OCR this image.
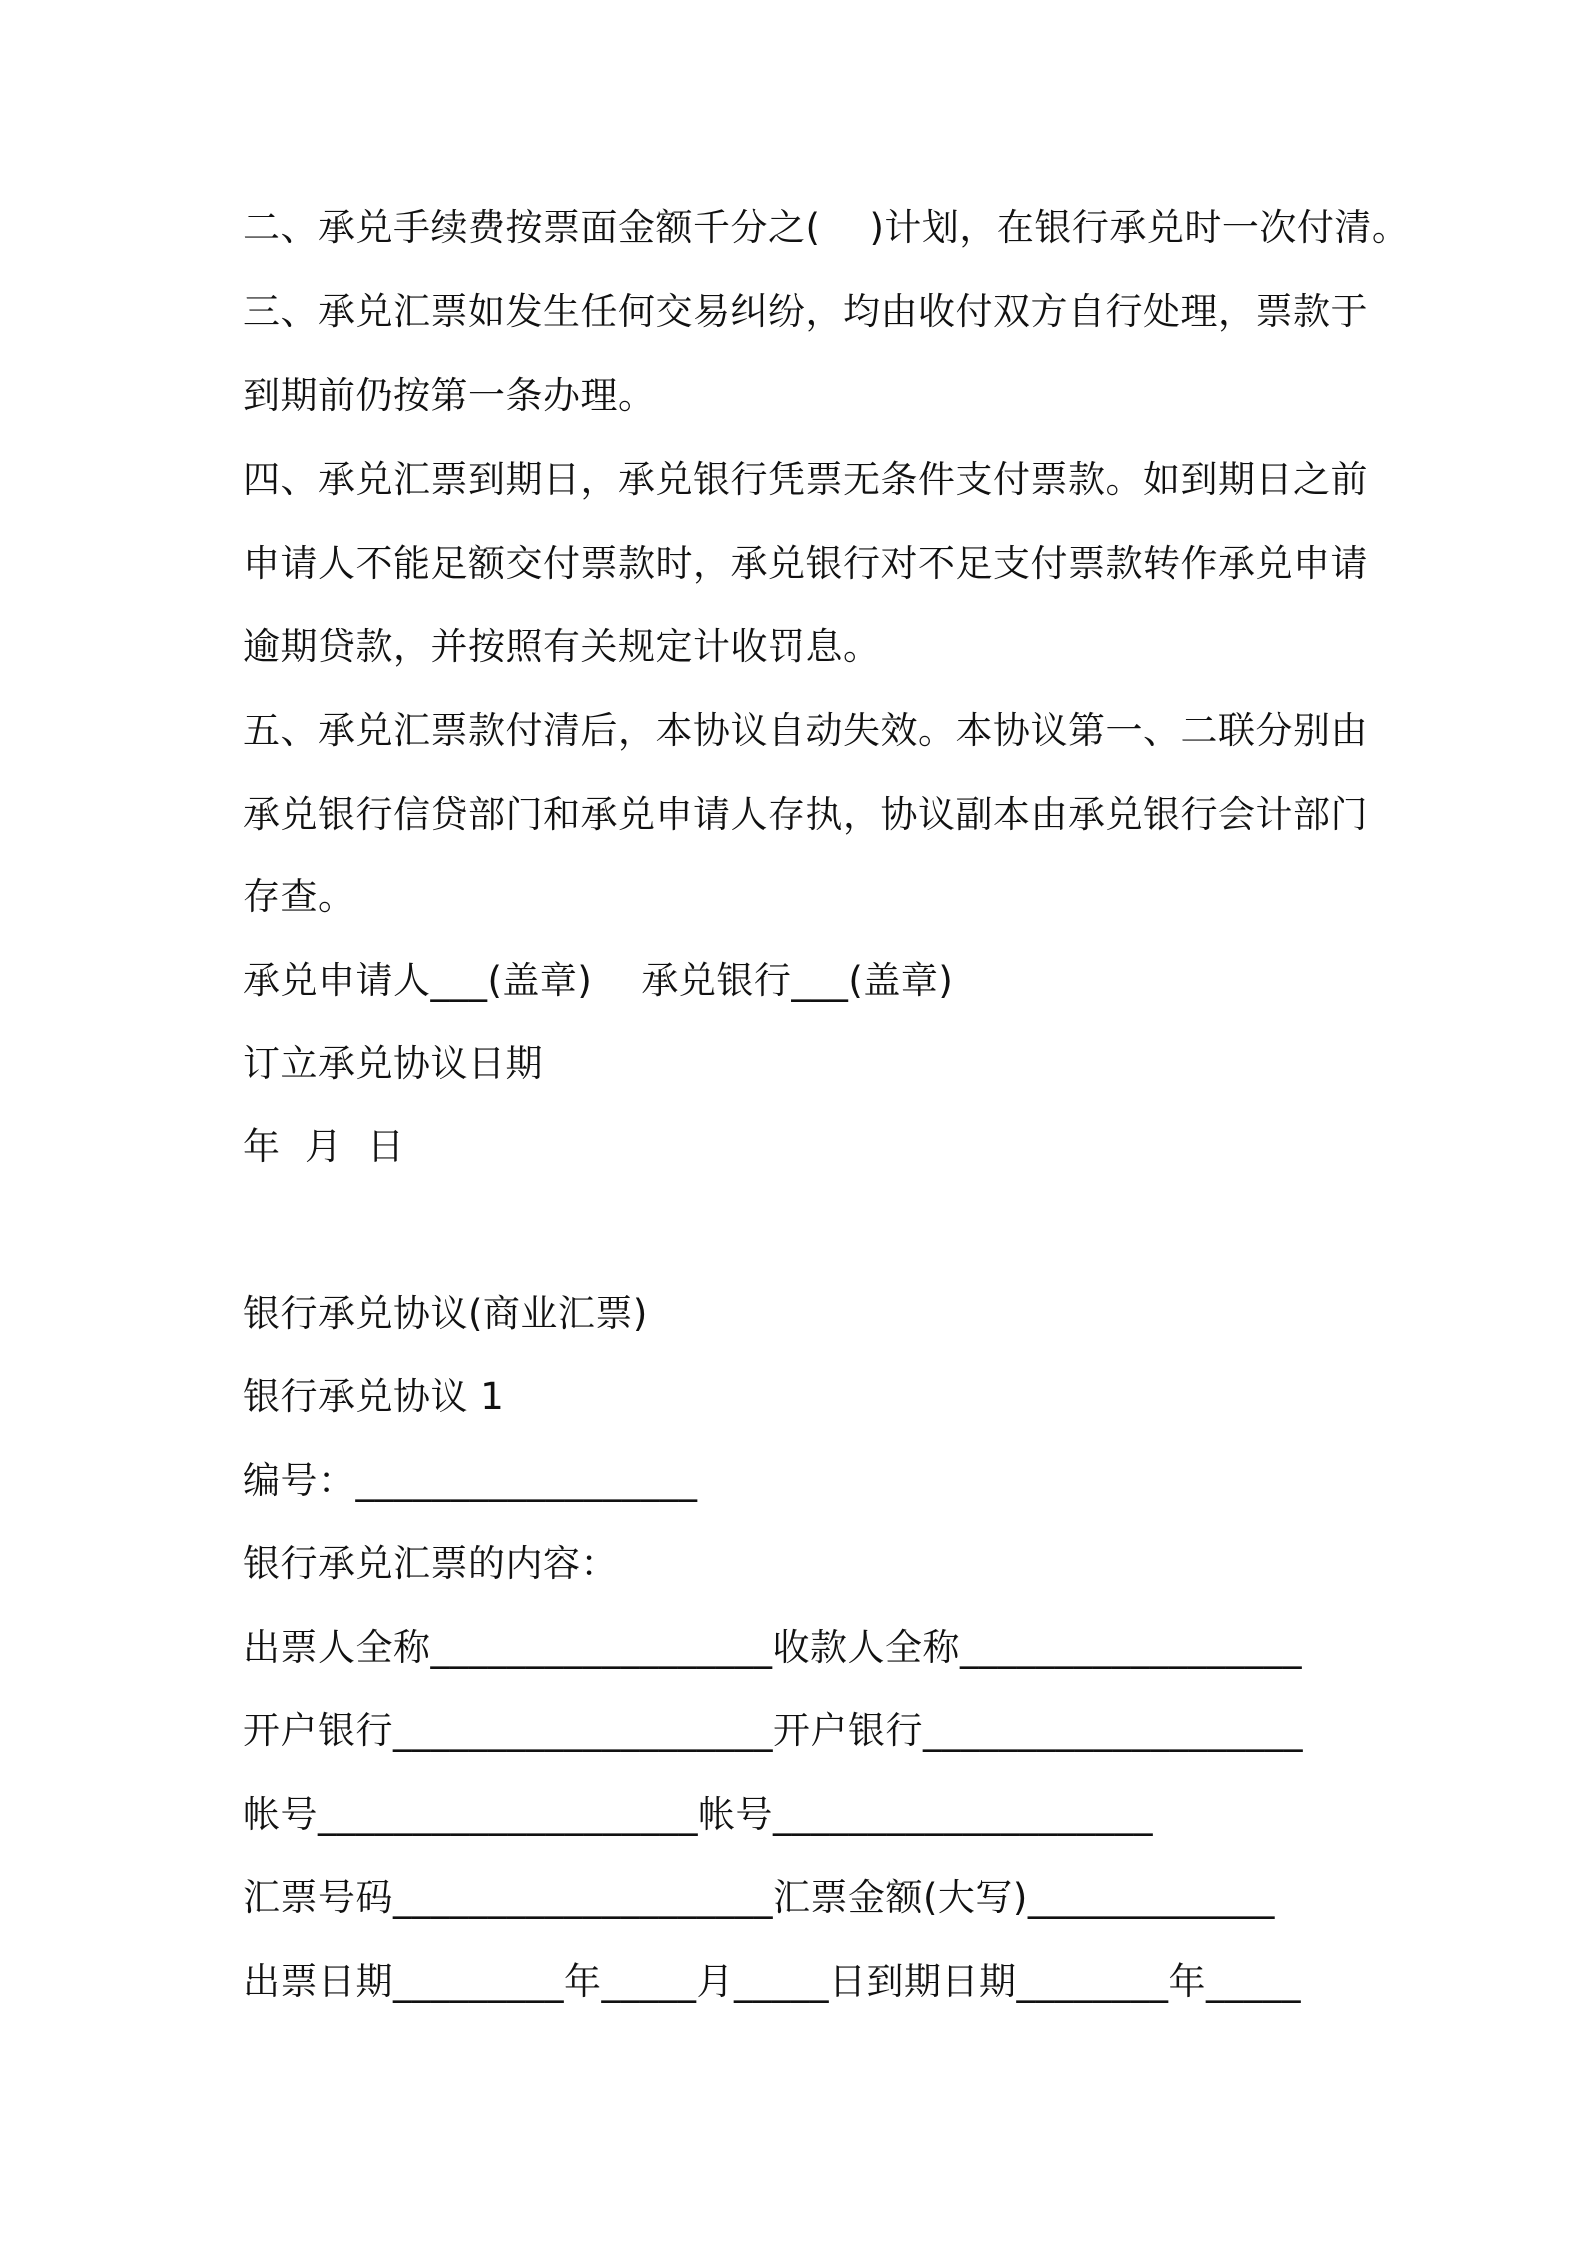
二、承兑手续费按票面金额千分之(    )计划，在银行承兑时一次付清。
三、承兑汇票如发生任何交易纠纷，均由收付双方自行处理，票款于
到期前仍按第一条办理。
四、承兑汇票到期日，承兑银行凭票无条件支付票款。如到期日之前
申请人不能足额交付票款时，承兑银行对不足支付票款转作承兑申请
逾期贷款，并按照有关规定计收罚息。
五、承兑汇票款付清后，本协议自动失效。本协议第一、二联分别由
承兑银行信贷部门和承兑申请人存执，协议副本由承兑银行会计部门
存查。
承兑申请人___(盖章)    承兑银行___(盖章)
订立承兑协议日期
年  月  日
银行承兑协议(商业汇票)
银行承兑协议 1
编号：__________________
银行承兑汇票的内容：
出票人全称__________________收款人全称__________________
开户银行____________________开户银行____________________
帐号____________________帐号____________________
汇票号码____________________汇票金额(大写)_____________
出票日期_________年_____月_____日到期日期________年_____
